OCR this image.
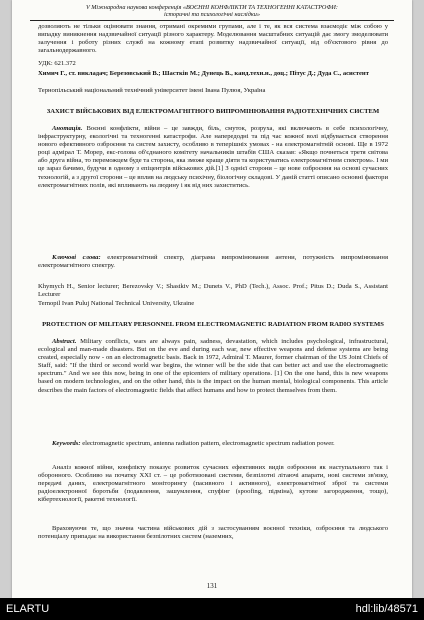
V Міжнародна наукова конференція «ВОЄННІ КОНФЛІКТИ ТА ТЕХНОГЕННІ КАТАСТРОФИ:
історичні та психологічні наслідки»
дозволяють не тільки оцінювати знання, отримані окремими групами, але і те, як вся система взаємодіє між собою у випадку виникнення надзвичайної ситуації різного характеру. Моделювання масштабних ситуацій дає змогу змоделювати залучення і роботу різних служб на кожному етапі розвитку надзвичайної ситуації, від об'єктового рівня до загальнодержавного.
УДК: 621.372
Химич Г., ст. викладач; Березовський В.; Шастків М.; Дунець В., канд.техн.н., доц.; Пітус Д.; Дуда С., асистент
Тернопільський національний технічний університет імені Івана Пулюя, Україна
ЗАХИСТ ВІЙСЬКОВИХ ВІД ЕЛЕКТРОМАГНІТНОГО ВИПРОМІНЮВАННЯ РАДІОТЕХНІЧНИХ СИСТЕМ
Анотація. Воєнні конфлікти, війни – це завжди, біль, смуток, розруха, які включають в себе психологічну, інфраструктурну, екологічні та техногенні катастрофи. Але напередодні та під час кожної волі відбувається створення нового ефективного озброєння та систем захисту, особливо в теперішніх умовах - на електромагнітній основі. Ще в 1972 році адмірал Т. Морер, екс-голова об'єднаного комітету начальників штабів США сказав: «Якщо почнеться третя світова або друга війна, то переможцем буде та сторона, яка зможе краще діяти та користуватись електромагнітним спектром». І ми це зараз бачимо, будучи в одному з епіцентрів військових дій.[1] З однієї сторони – це нове озброєння на основі сучасних технологій, а з другої сторони – це вплив на людську психічну, біологічну складові. У даній статті описано основні фактори електромагнітних полів, які впливають на людину і як від них захиститись.
Ключові слова: електромагнітний спектр, діаграма випромінювання антени, потужність випромінювання електромагнітного спектру.
Khymych H., Senior lecturer; Berezovsky V.; Shastkiv M.; Dunets V., PhD (Tech.), Assoc. Prof.; Pitus D.; Duda S., Assistant Lecturer
Ternopil Ivan Puluj National Technical University, Ukraine
PROTECTION OF MILITARY PERSONNEL FROM ELECTROMAGNETIC RADIATION FROM RADIO SYSTEMS
Abstract. Military conflicts, wars are always pain, sadness, devastation, which includes psychological, infrastructural, ecological and man-made disasters. But on the eve and during each war, new effective weapons and defense systems are being created, especially now - on an electromagnetic basis. Back in 1972, Admiral T. Maurer, former chairman of the US Joint Chiefs of Staff, said: "If the third or second world war begins, the winner will be the side that can better act and use the electromagnetic spectrum." And we see this now, being in one of the epicenters of military operations. [1] On the one hand, this is new weapons based on modern technologies, and on the other hand, this is the impact on the human mental, biological components. This article describes the main factors of electromagnetic fields that affect humans and how to protect themselves from them.
Keywords: electromagnetic spectrum, antenna radiation pattern, electromagnetic spectrum radiation power.
Аналіз кожної війни, конфлікту показує розвиток сучасних ефективних видів озброєння як наступального так і оборонного. Особливо на початку XXI ст. – це роботизовані системи, безпілотні літаючі апарати, нові системи зв'язку, передачі даних, електромагнітного моніторингу (пасивного і активного), електромагнітної зброї та системи радіоелектронної боротьби (подавлення, зашумлення, спуфінг (spoofing, підміна), кутове загородження, тощо), кібертехнології, ракетні технології.
Враховуючи те, що значна частина військових дій з застосуванням воєнної техніки, озброєння та людського потенціалу припадає на використання безпілотних систем (наземних,
131
ELARTU	hdl:lib/48571
